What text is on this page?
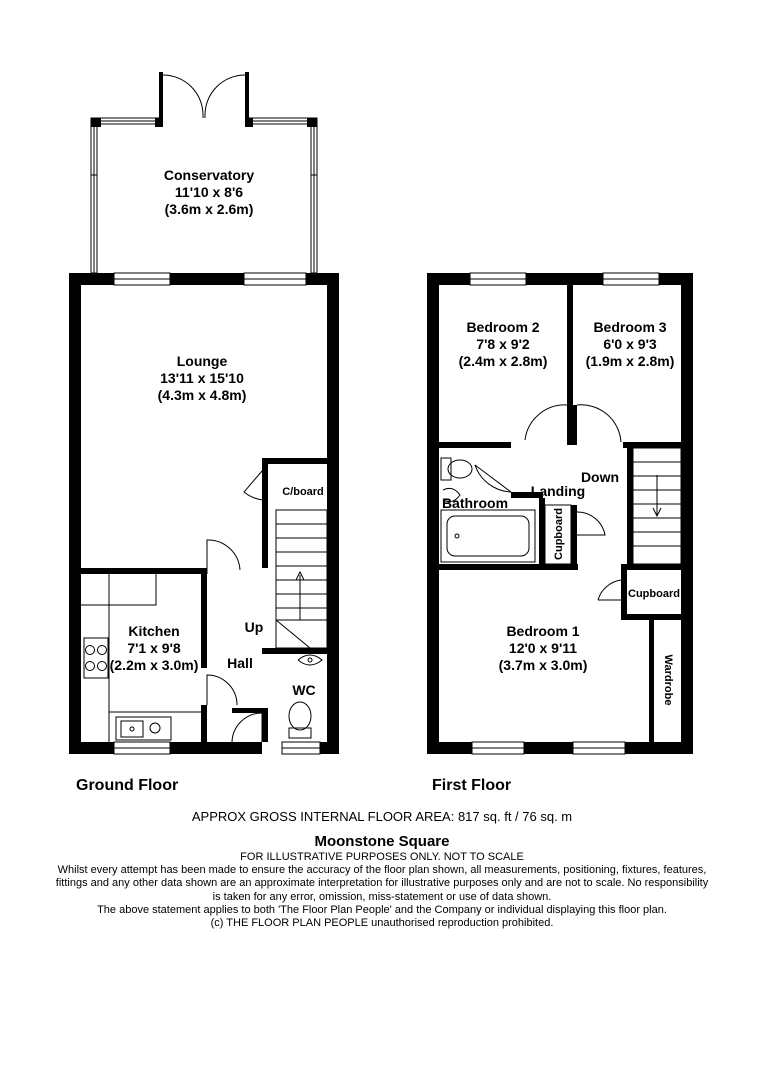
Conservatory
11'10 x 8'6
(3.6m x 2.6m)
Lounge
13'11 x 15'10
(4.3m x 4.8m)
Kitchen
7'1 x 9'8
(2.2m x 3.0m)
C/board
Up
Hall
WC
Bedroom 2
7'8 x 9'2
(2.4m x 2.8m)
Bedroom 3
6'0 x 9'3
(1.9m x 2.8m)
Bedroom 1
12'0 x 9'11
(3.7m x 3.0m)
Bathroom
Landing
Down
Cupboard
Cupboard
Wardrobe
Ground Floor	First Floor
APPROX GROSS INTERNAL FLOOR AREA: 817 sq. ft / 76 sq. m
Moonstone Square
FOR ILLUSTRATIVE PURPOSES ONLY. NOT TO SCALE
Whilst every attempt has been made to ensure the accuracy of the floor plan shown, all measurements, positioning, fixtures, features,
fittings and any other data shown are an approximate interpretation for illustrative purposes only and are not to scale. No responsibility
is taken for any error, omission, miss-statement or use of data shown.
The above statement applies to both 'The Floor Plan People' and the Company or individual displaying this floor plan.
(c) THE FLOOR PLAN PEOPLE unauthorised reproduction prohibited.
